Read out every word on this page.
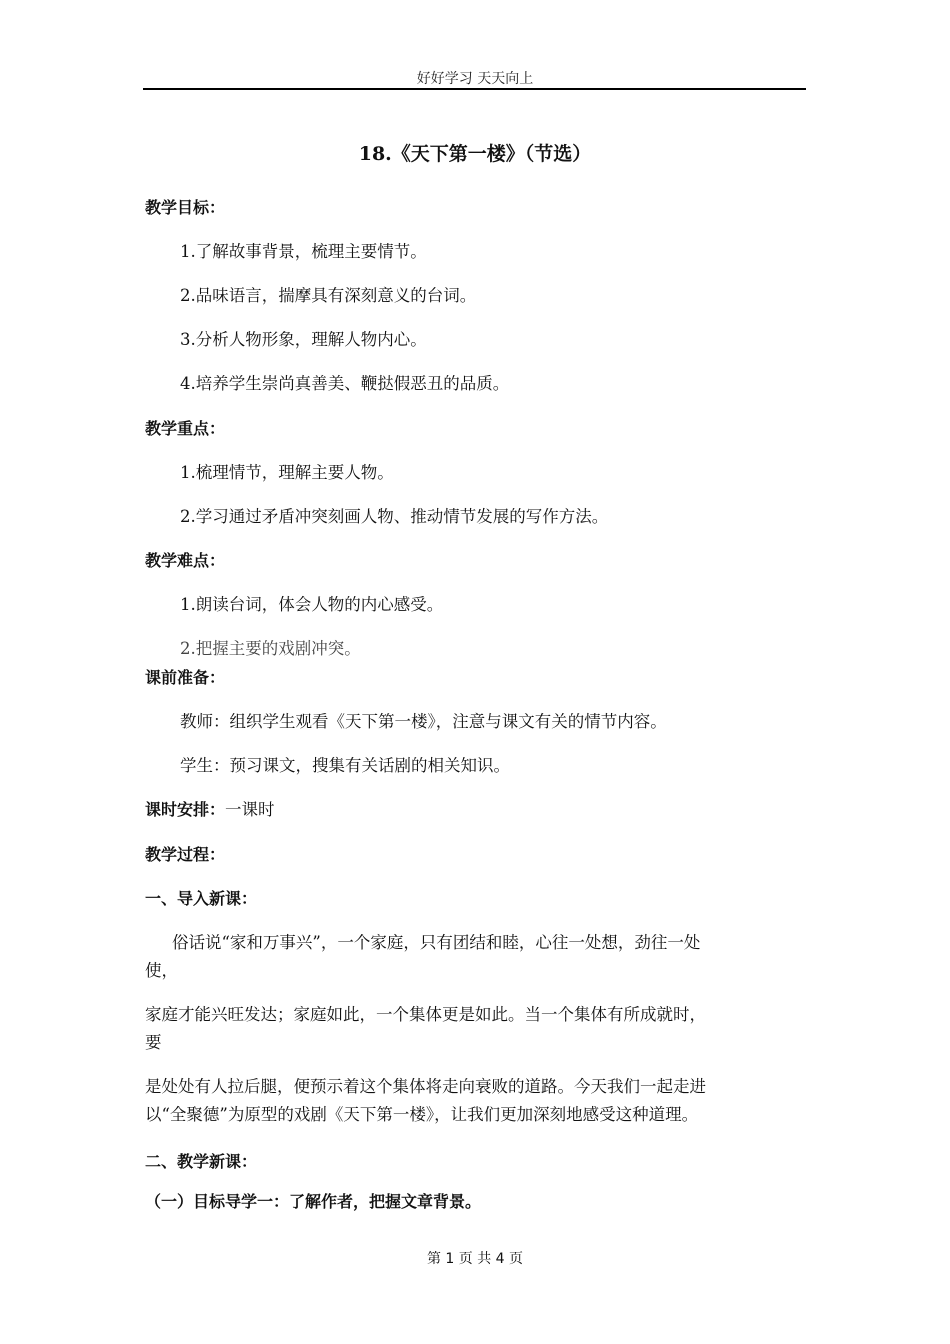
好好学习 天天向上
18.《天下第一楼》（节选）
教学目标：
1.了解故事背景，梳理主要情节。
2.品味语言，揣摩具有深刻意义的台词。
3.分析人物形象，理解人物内心。
4.培养学生崇尚真善美、鞭挞假恶丑的品质。
教学重点：
1.梳理情节，理解主要人物。
2.学习通过矛盾冲突刻画人物、推动情节发展的写作方法。
教学难点：
1.朗读台词，体会人物的内心感受。
2.把握主要的戏剧冲突。
课前准备：
教师：组织学生观看《天下第一楼》，注意与课文有关的情节内容。
学生：预习课文，搜集有关话剧的相关知识。
课时安排：一课时
教学过程：
一、导入新课：
俗话说“家和万事兴”，一个家庭，只有团结和睦，心往一处想，劲往一处
使，
家庭才能兴旺发达；家庭如此，一个集体更是如此。当一个集体有所成就时，
要
是处处有人拉后腿，便预示着这个集体将走向衰败的道路。今天我们一起走进
以“全聚德”为原型的戏剧《天下第一楼》，让我们更加深刻地感受这种道理。
二、教学新课：
（一）目标导学一：了解作者，把握文章背景。
第 1 页 共 4 页
